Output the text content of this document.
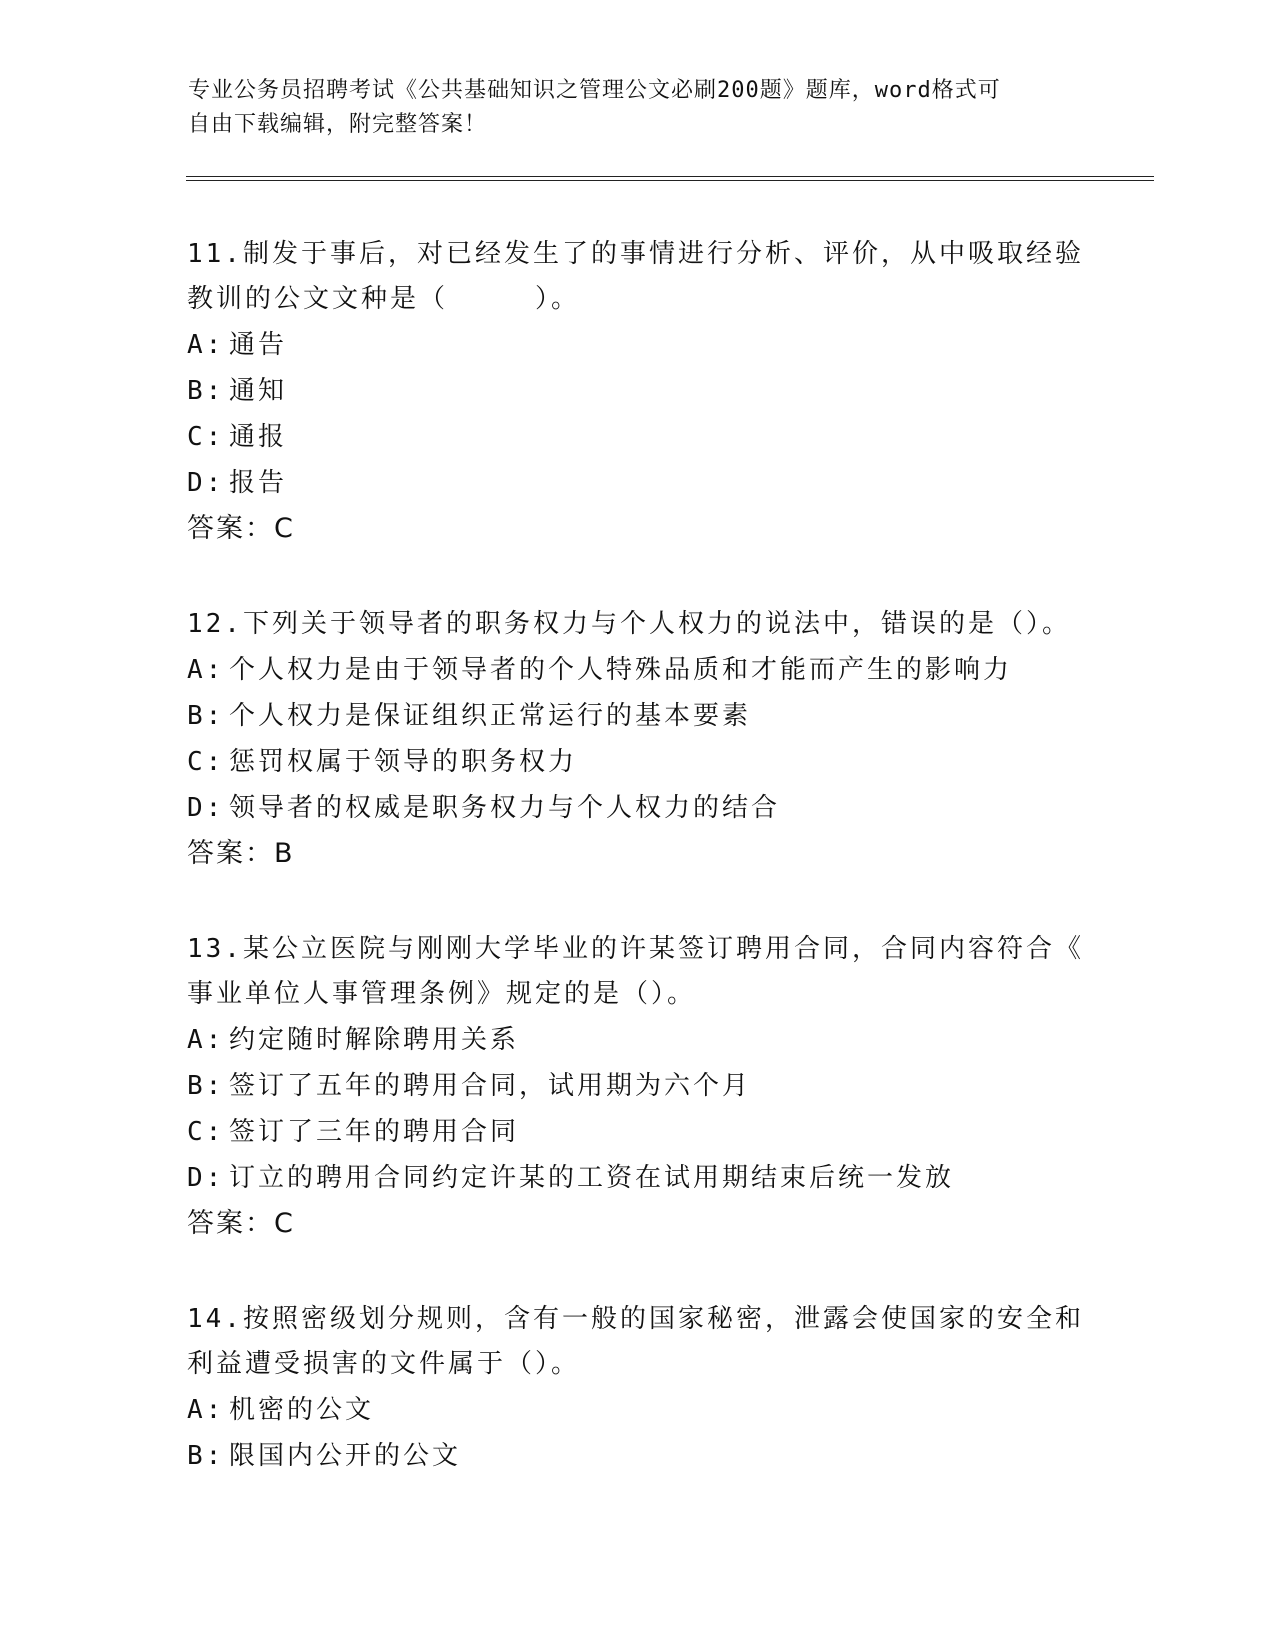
专业公务员招聘考试《公共基础知识之管理公文必刷200题》题库，word格式可
自由下载编辑，附完整答案！
11.制发于事后，对已经发生了的事情进行分析、评价，从中吸取经验
教训的公文文种是（　　　）。
A: 通告
B: 通知
C: 通报
D: 报告
答案：C
12.下列关于领导者的职务权力与个人权力的说法中，错误的是（）。
A: 个人权力是由于领导者的个人特殊品质和才能而产生的影响力
B: 个人权力是保证组织正常运行的基本要素
C: 惩罚权属于领导的职务权力
D: 领导者的权威是职务权力与个人权力的结合
答案：B
13.某公立医院与刚刚大学毕业的许某签订聘用合同，合同内容符合《
事业单位人事管理条例》规定的是（）。
A: 约定随时解除聘用关系
B: 签订了五年的聘用合同，试用期为六个月
C: 签订了三年的聘用合同
D: 订立的聘用合同约定许某的工资在试用期结束后统一发放
答案：C
14.按照密级划分规则，含有一般的国家秘密，泄露会使国家的安全和
利益遭受损害的文件属于（）。
A: 机密的公文
B: 限国内公开的公文
